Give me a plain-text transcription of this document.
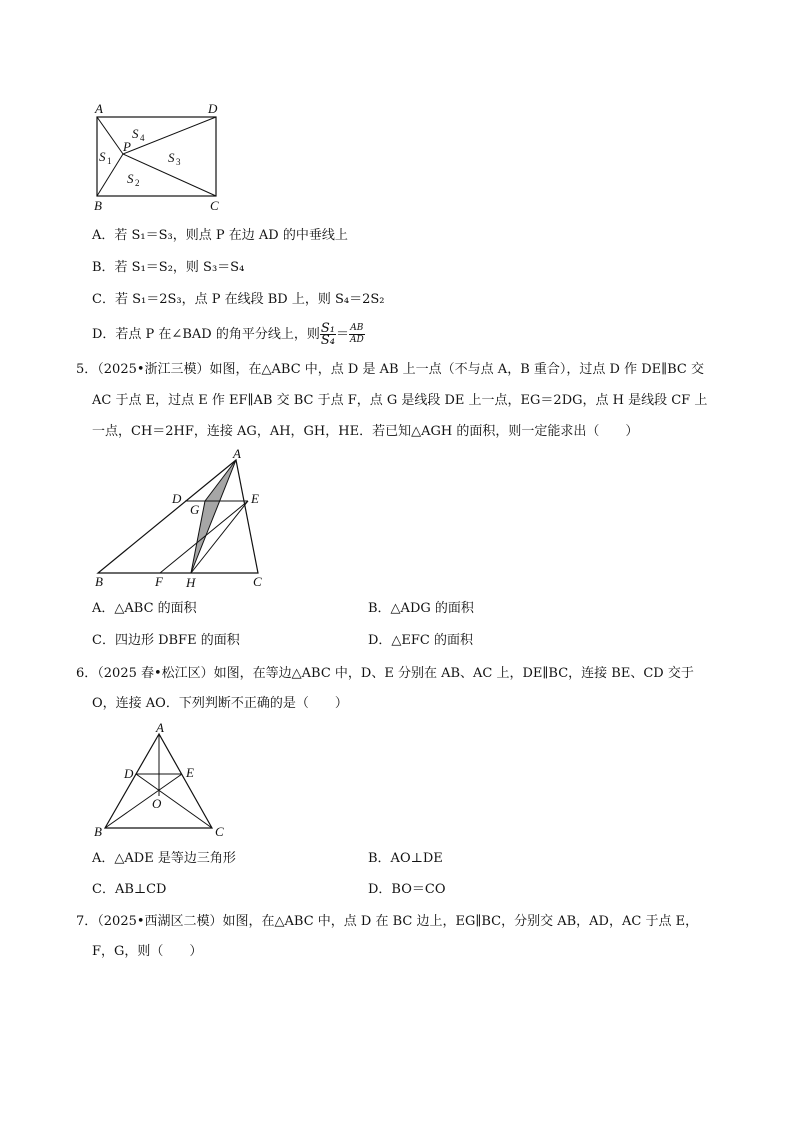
A	D
B	C
P
S 4
S 1	S 3
S 2
A．若 S₁＝S₃，则点 P 在边 AD 的中垂线上
B．若 S₁＝S₂，则 S₃＝S₄
C．若 S₁＝2S₃，点 P 在线段 BD 上，则 S₄＝2S₂
D．若点 P 在∠BAD 的角平分线上，则 $\frac{\text{S₁}}{\text{S₄}} = \frac{AB}{AD}$
5．（2025•浙江三模）如图，在△ABC 中，点 D 是 AB 上一点（不与点 A，B 重合），过点 D 作 DE∥BC 交
AC 于点 E，过点 E 作 EF∥AB 交 BC 于点 F，点 G 是线段 DE 上一点，EG＝2DG，点 H 是线段 CF 上
一点，CH＝2HF，连接 AG，AH，GH，HE．若已知△AGH 的面积，则一定能求出（　　）
A
D
G
E
B	F H	C
A．△ABC 的面积	B．△ADG 的面积
C．四边形 DBFE 的面积	D．△EFC 的面积
6．（2025 春•松江区）如图，在等边△ABC 中，D、E 分别在 AB、AC 上，DE∥BC，连接 BE、CD 交于
O，连接 AO．下列判断不正确的是（　　）
A
D	E
O
B	C
A．△ADE 是等边三角形	B．AO⊥DE
C．AB⊥CD	D．BO＝CO
7．（2025•西湖区二模）如图，在△ABC 中，点 D 在 BC 边上，EG∥BC，分别交 AB，AD，AC 于点 E，
F，G，则（　　）
